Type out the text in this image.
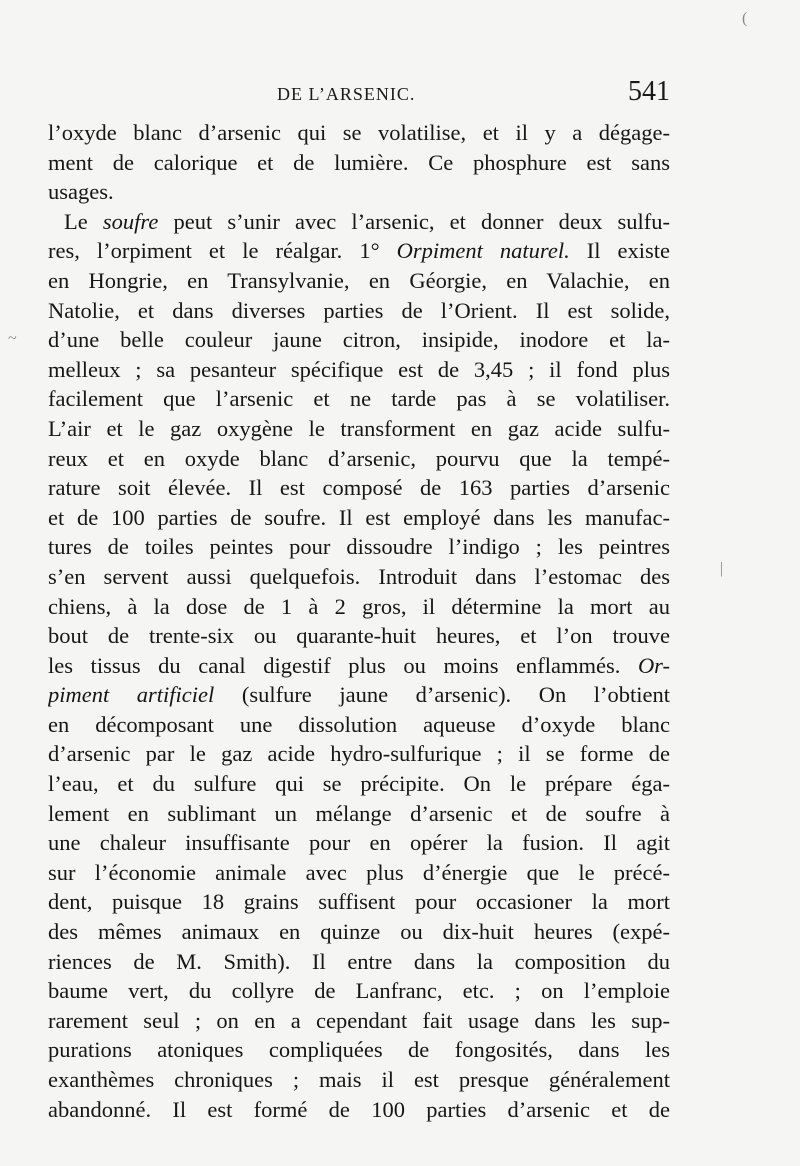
DE L’ARSENIC.	541
l’oxyde blanc d’arsenic qui se volatilise, et il y a dégage-
ment de calorique et de lumière. Ce phosphure est sans
usages.
Le soufre peut s’unir avec l’arsenic, et donner deux sulfu-
res, l’orpiment et le réalgar. 1° Orpiment naturel. Il existe
en Hongrie, en Transylvanie, en Géorgie, en Valachie, en
Natolie, et dans diverses parties de l’Orient. Il est solide,
d’une belle couleur jaune citron, insipide, inodore et la-
melleux ; sa pesanteur spécifique est de 3,45 ; il fond plus
facilement que l’arsenic et ne tarde pas à se volatiliser.
L’air et le gaz oxygène le transforment en gaz acide sulfu-
reux et en oxyde blanc d’arsenic, pourvu que la tempé-
rature soit élevée. Il est composé de 163 parties d’arsenic
et de 100 parties de soufre. Il est employé dans les manufac-
tures de toiles peintes pour dissoudre l’indigo ; les peintres
s’en servent aussi quelquefois. Introduit dans l’estomac des
chiens, à la dose de 1 à 2 gros, il détermine la mort au
bout de trente-six ou quarante-huit heures, et l’on trouve
les tissus du canal digestif plus ou moins enflammés. Or-
piment artificiel (sulfure jaune d’arsenic). On l’obtient
en décomposant une dissolution aqueuse d’oxyde blanc
d’arsenic par le gaz acide hydro-sulfurique ; il se forme de
l’eau, et du sulfure qui se précipite. On le prépare éga-
lement en sublimant un mélange d’arsenic et de soufre à
une chaleur insuffisante pour en opérer la fusion. Il agit
sur l’économie animale avec plus d’énergie que le précé-
dent, puisque 18 grains suffisent pour occasioner la mort
des mêmes animaux en quinze ou dix-huit heures (expé-
riences de M. Smith). Il entre dans la composition du
baume vert, du collyre de Lanfranc, etc. ; on l’emploie
rarement seul ; on en a cependant fait usage dans les sup-
purations atoniques compliquées de fongosités, dans les
exanthèmes chroniques ; mais il est presque généralement
abandonné. Il est formé de 100 parties d’arsenic et de
(
~
|
